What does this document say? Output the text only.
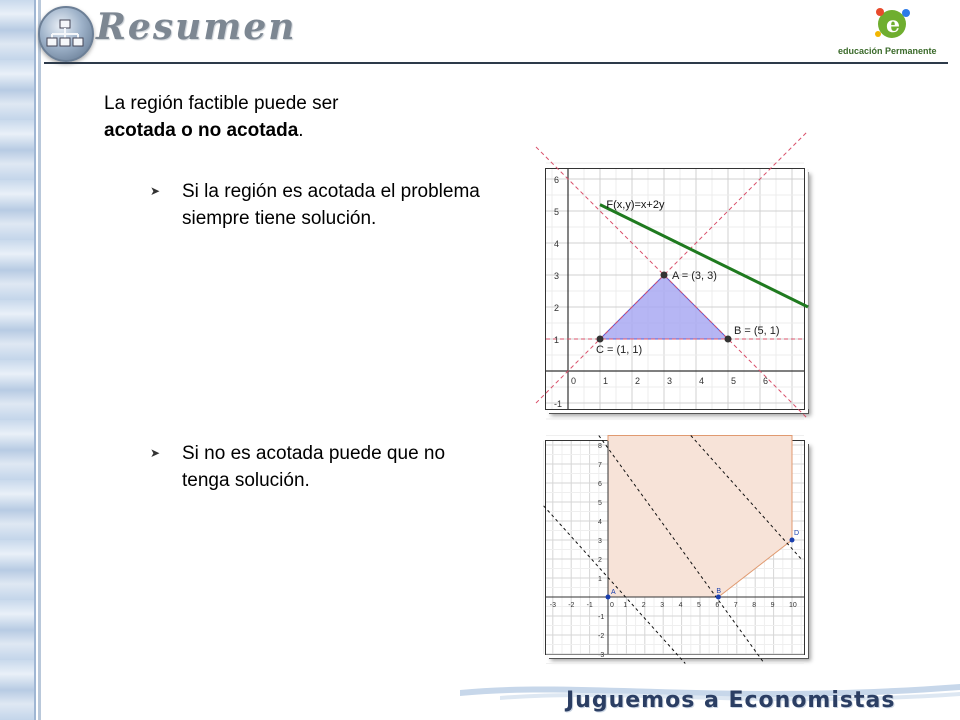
Resumen	e
educación Permanente
La región factible puede ser
acotada o no acotada.
➤ Si la región es acotada el problema siempre tiene solución.
➤ Si no es acotada puede que no tenga solución.
F(x,y)=x+2y
0	1	2	3	4	5	6
-1
1
2
3
4
5
6
A = (3, 3)
B = (5, 1)
C = (1, 1)
-3 -2 -1	1 2 3 4 5 6 7 8 9 10
-3
-2
-1
1
2
3
4
5
6
7
8
0
A	B
D
Juguemos a Economistas
